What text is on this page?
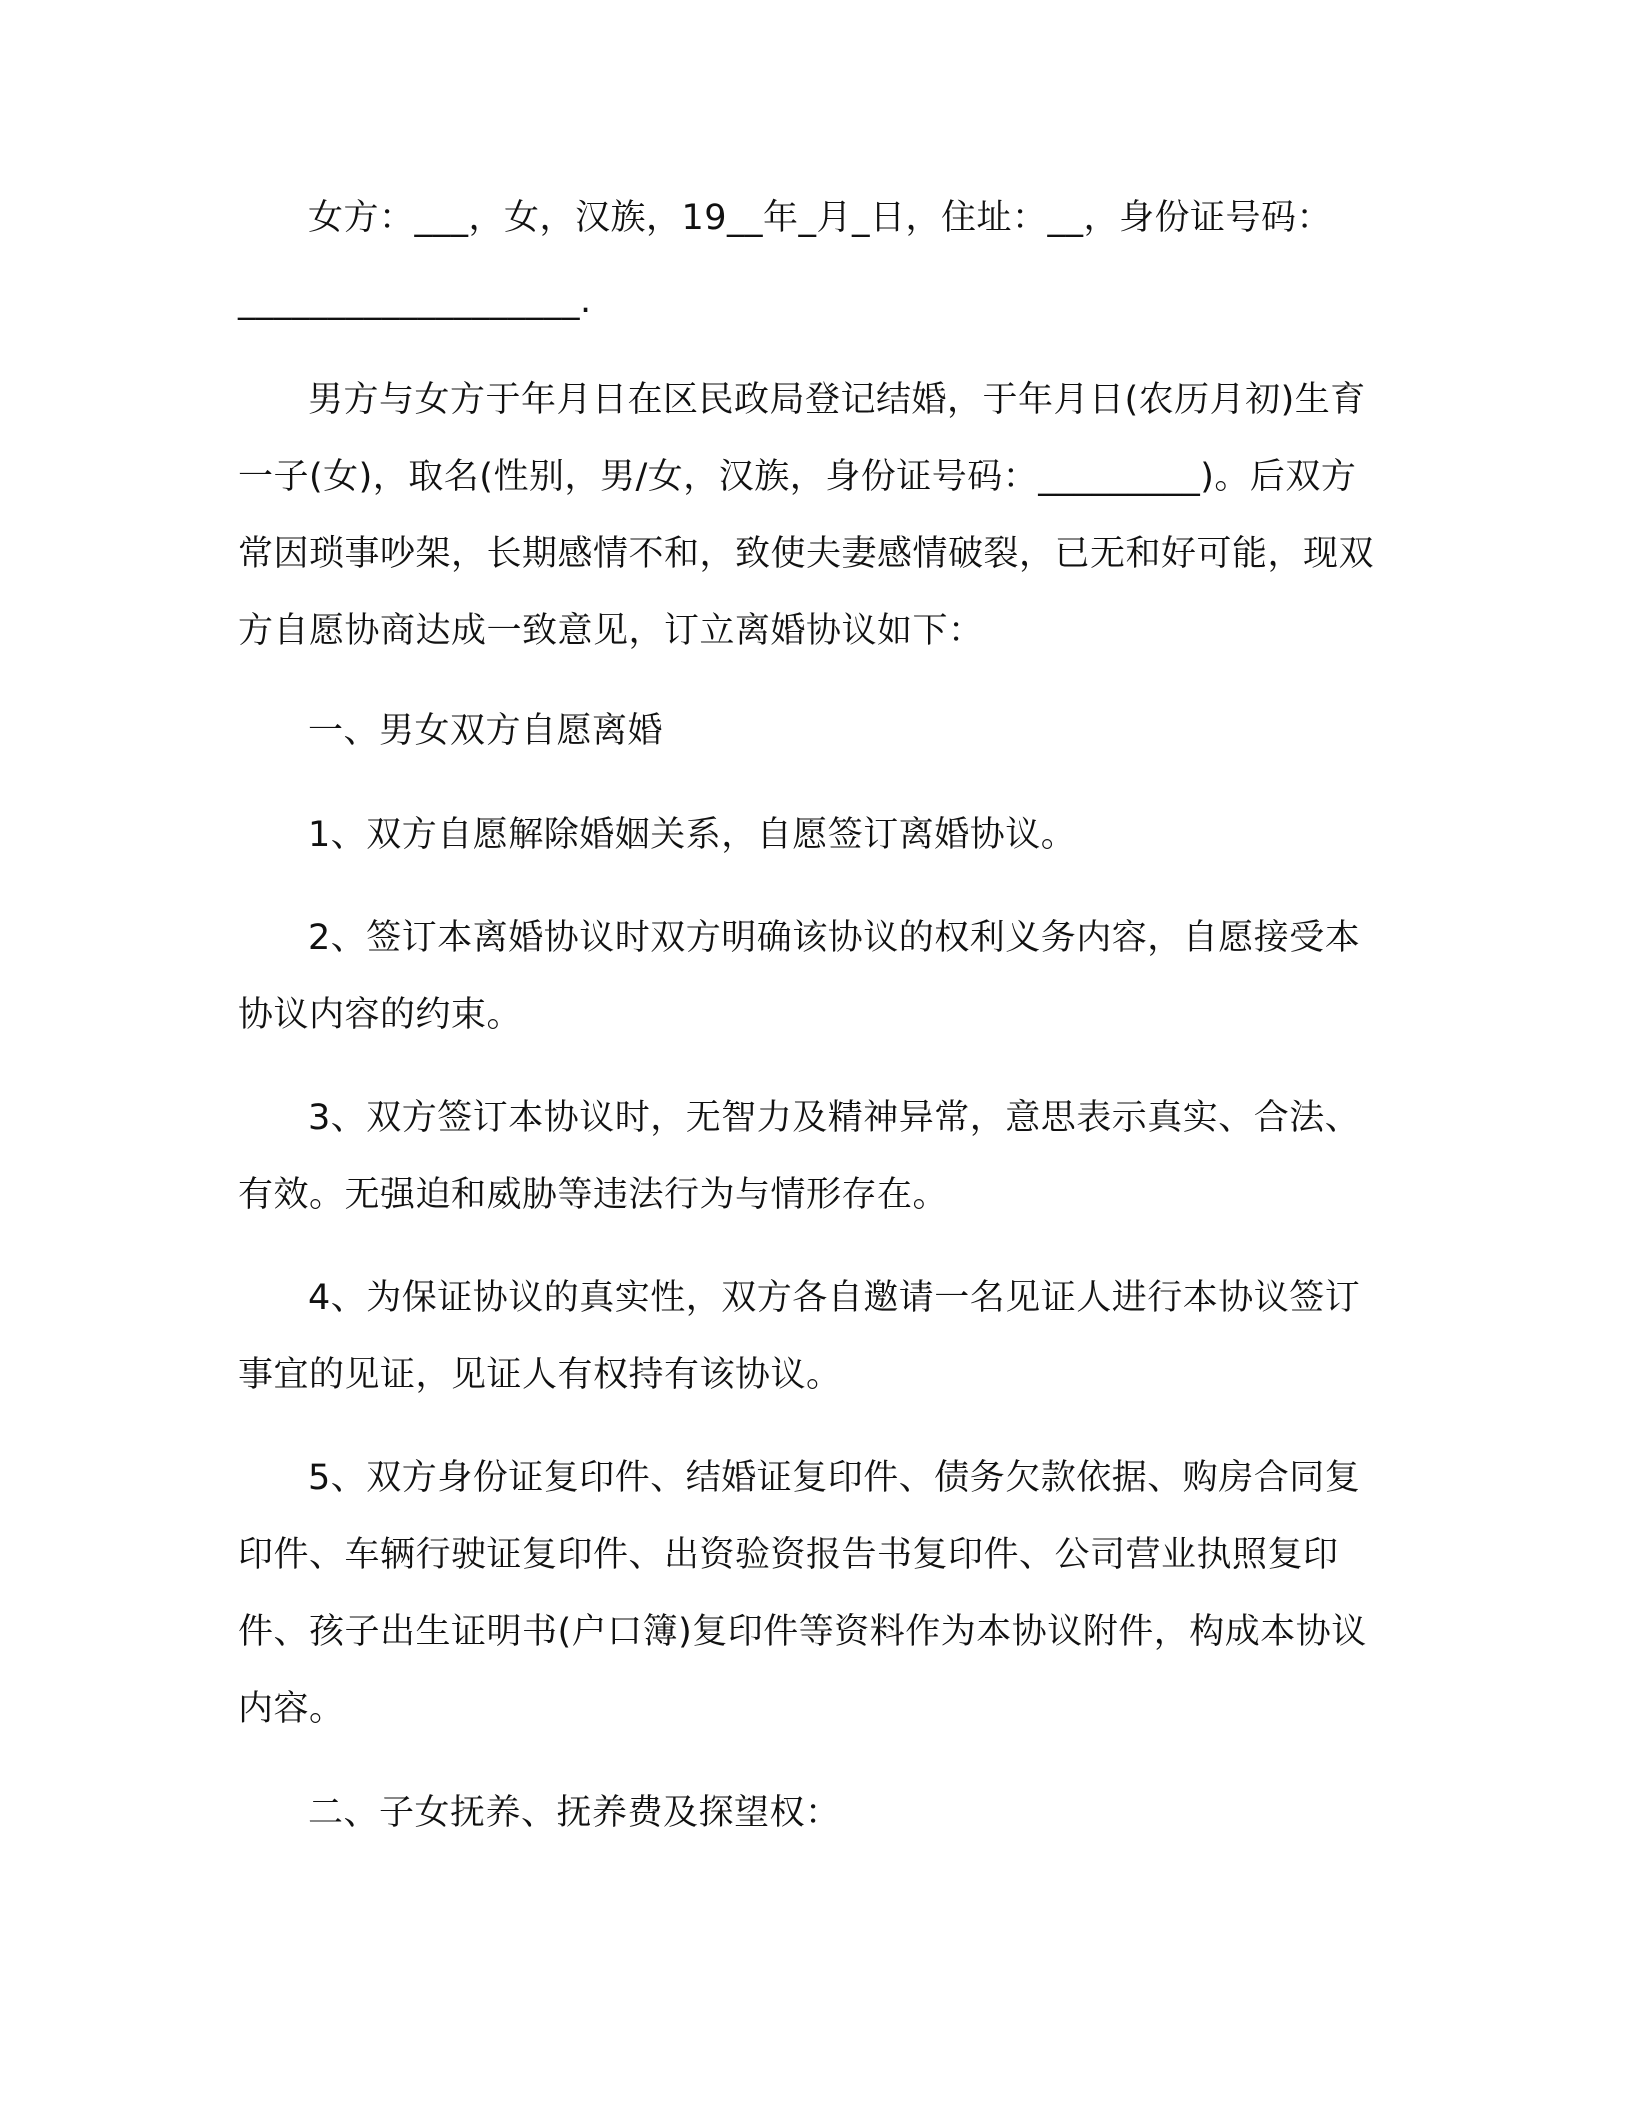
女方：___，女，汉族，19__年_月_日，住址：__，身份证号码：
___________________.
男方与女方于年月日在区民政局登记结婚，于年月日(农历月初)生育一子(女)，取名(性别，男/女，汉族，身份证号码：_________)。后双方常因琐事吵架，长期感情不和，致使夫妻感情破裂，已无和好可能，现双方自愿协商达成一致意见，订立离婚协议如下：
一、男女双方自愿离婚
1、双方自愿解除婚姻关系，自愿签订离婚协议。
2、签订本离婚协议时双方明确该协议的权利义务内容，自愿接受本协议内容的约束。
3、双方签订本协议时，无智力及精神异常，意思表示真实、合法、有效。无强迫和威胁等违法行为与情形存在。
4、为保证协议的真实性，双方各自邀请一名见证人进行本协议签订事宜的见证，见证人有权持有该协议。
5、双方身份证复印件、结婚证复印件、债务欠款依据、购房合同复印件、车辆行驶证复印件、出资验资报告书复印件、公司营业执照复印件、孩子出生证明书(户口簿)复印件等资料作为本协议附件，构成本协议内容。
二、子女抚养、抚养费及探望权：
